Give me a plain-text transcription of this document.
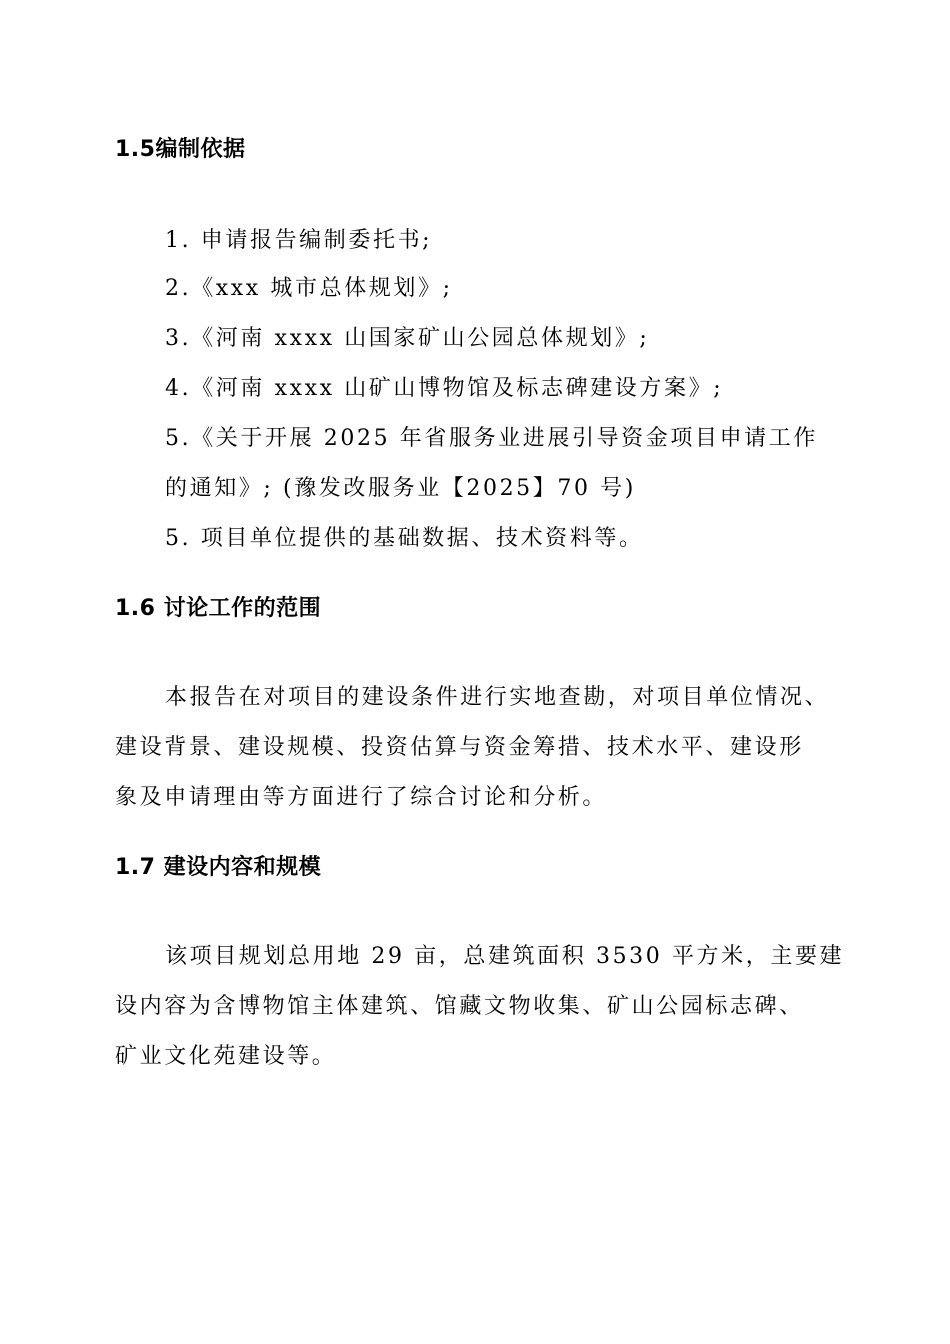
1.5编制依据
1. 申请报告编制委托书;
2.《xxx 城市总体规划》;
3.《河南 xxxx 山国家矿山公园总体规划》;
4.《河南 xxxx 山矿山博物馆及标志碑建设方案》;
5.《关于开展 2025 年省服务业进展引导资金项目申请工作
的通知》; (豫发改服务业【2025】70 号)
5. 项目单位提供的基础数据、技术资料等。
1.6 讨论工作的范围
本报告在对项目的建设条件进行实地查勘，对项目单位情况、
建设背景、建设规模、投资估算与资金筹措、技术水平、建设形
象及申请理由等方面进行了综合讨论和分析。
1.7 建设内容和规模
该项目规划总用地 29 亩，总建筑面积 3530 平方米，主要建
设内容为含博物馆主体建筑、馆藏文物收集、矿山公园标志碑、
矿业文化苑建设等。
